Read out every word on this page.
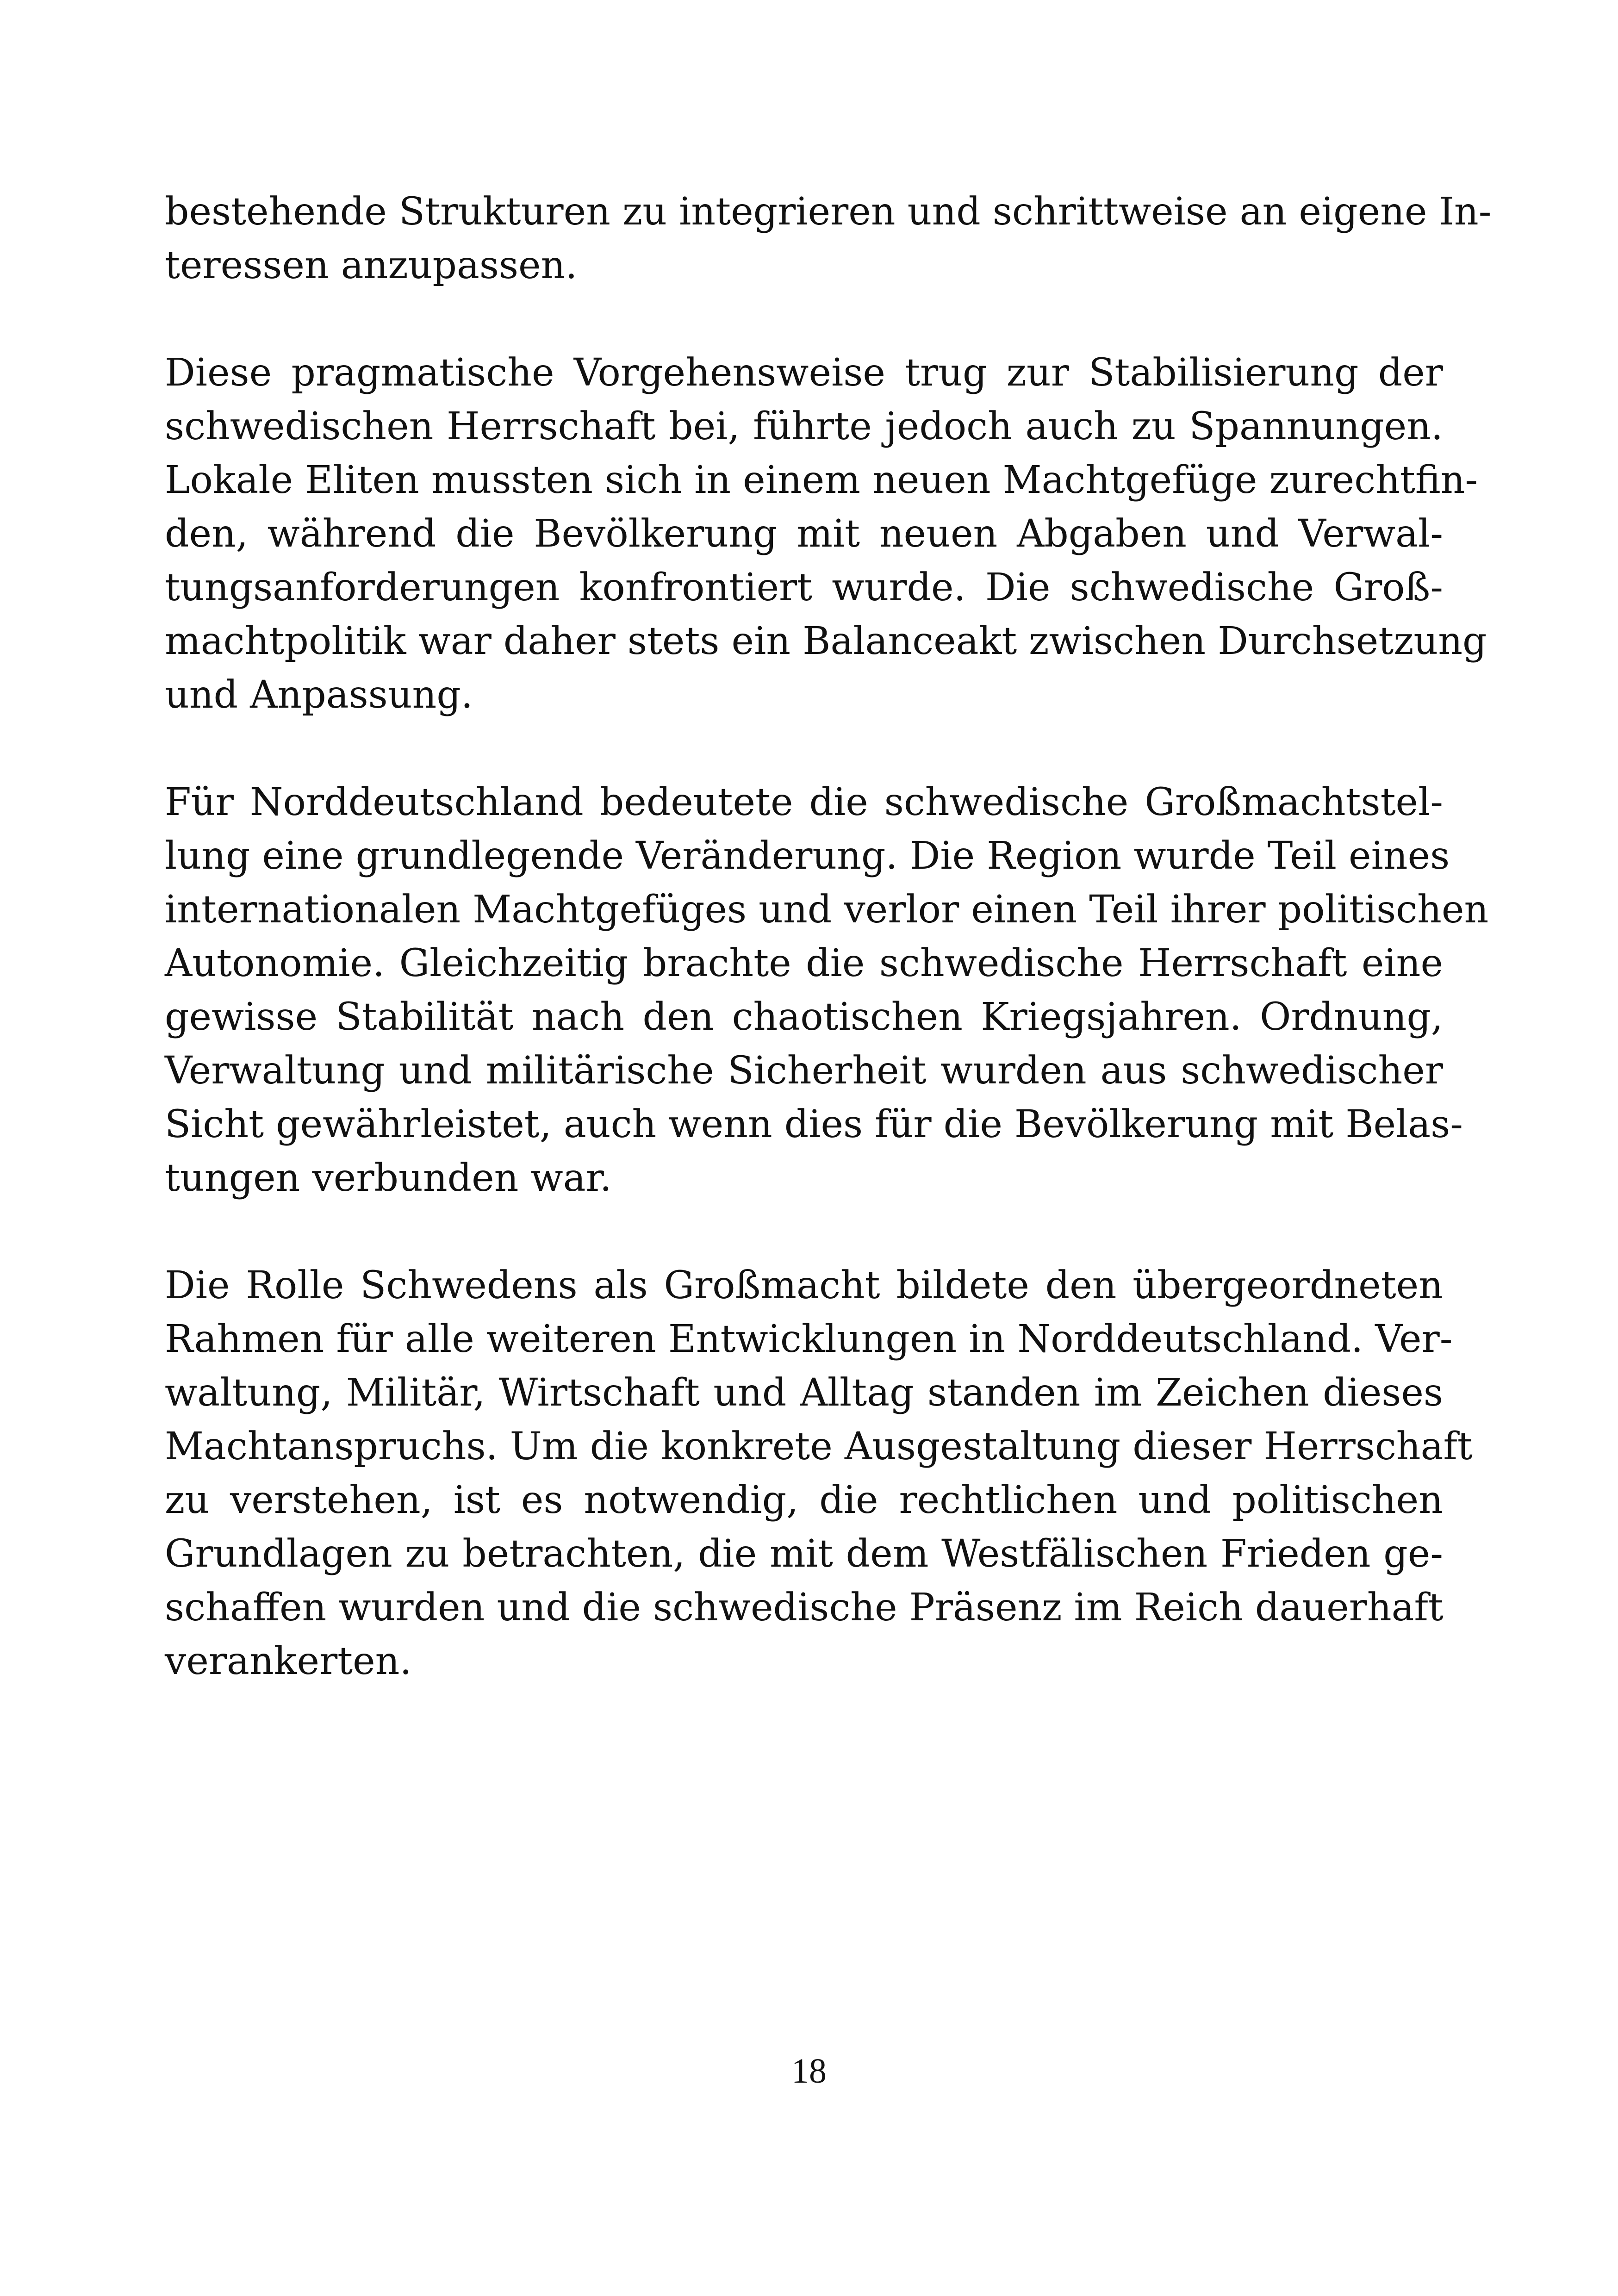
bestehende Strukturen zu integrieren und schrittweise an eigene In-
teressen anzupassen.
Diese pragmatische Vorgehensweise trug zur Stabilisierung der
schwedischen Herrschaft bei, führte jedoch auch zu Spannungen.
Lokale Eliten mussten sich in einem neuen Machtgefüge zurechtfin-
den, während die Bevölkerung mit neuen Abgaben und Verwal-
tungsanforderungen konfrontiert wurde. Die schwedische Groß-
machtpolitik war daher stets ein Balanceakt zwischen Durchsetzung
und Anpassung.
Für Norddeutschland bedeutete die schwedische Großmachtstel-
lung eine grundlegende Veränderung. Die Region wurde Teil eines
internationalen Machtgefüges und verlor einen Teil ihrer politischen
Autonomie. Gleichzeitig brachte die schwedische Herrschaft eine
gewisse Stabilität nach den chaotischen Kriegsjahren. Ordnung,
Verwaltung und militärische Sicherheit wurden aus schwedischer
Sicht gewährleistet, auch wenn dies für die Bevölkerung mit Belas-
tungen verbunden war.
Die Rolle Schwedens als Großmacht bildete den übergeordneten
Rahmen für alle weiteren Entwicklungen in Norddeutschland. Ver-
waltung, Militär, Wirtschaft und Alltag standen im Zeichen dieses
Machtanspruchs. Um die konkrete Ausgestaltung dieser Herrschaft
zu verstehen, ist es notwendig, die rechtlichen und politischen
Grundlagen zu betrachten, die mit dem Westfälischen Frieden ge-
schaffen wurden und die schwedische Präsenz im Reich dauerhaft
verankerten.
18
